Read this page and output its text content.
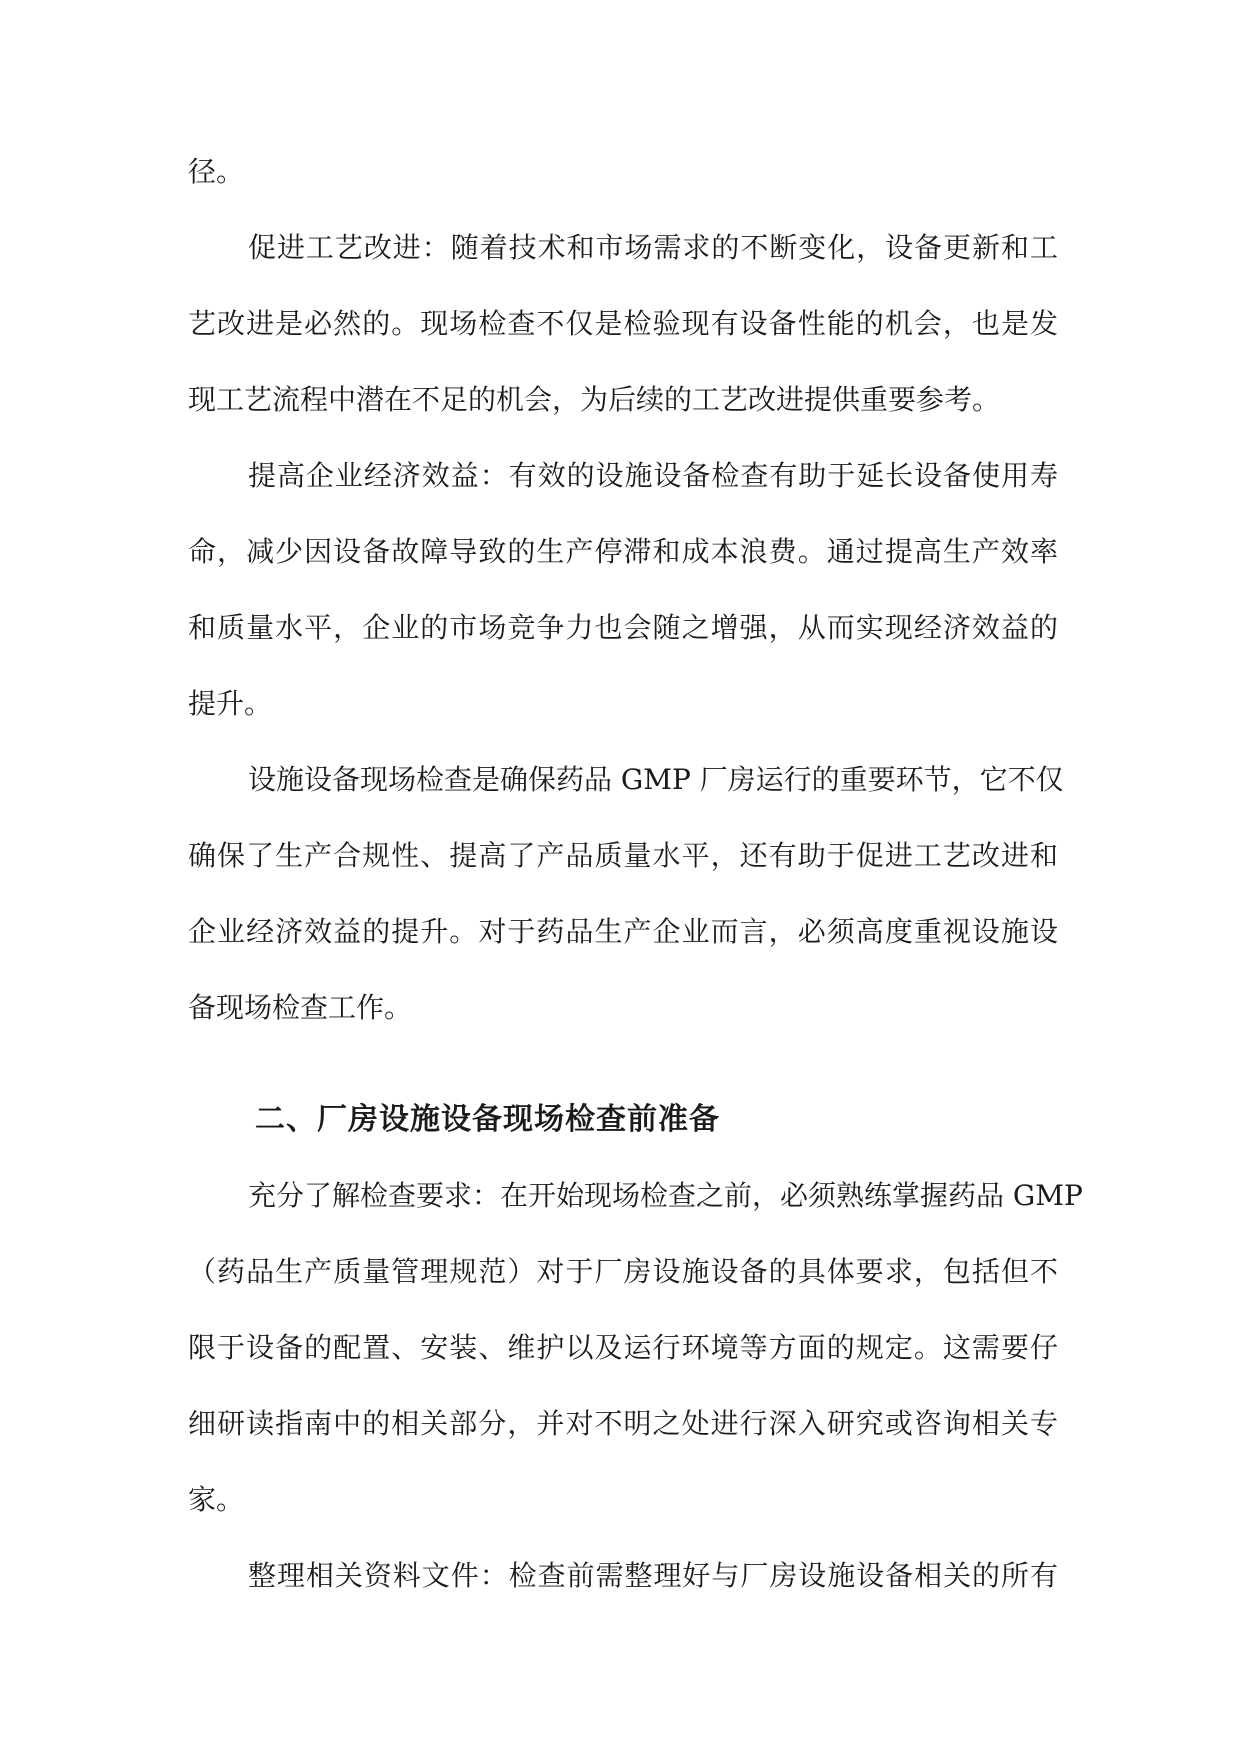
径。
促进工艺改进：随着技术和市场需求的不断变化，设备更新和工
艺改进是必然的。现场检查不仅是检验现有设备性能的机会，也是发
现工艺流程中潜在不足的机会，为后续的工艺改进提供重要参考。
提高企业经济效益：有效的设施设备检查有助于延长设备使用寿
命，减少因设备故障导致的生产停滞和成本浪费。通过提高生产效率
和质量水平，企业的市场竞争力也会随之增强，从而实现经济效益的
提升。
设施设备现场检查是确保药品 GMP 厂房运行的重要环节，它不仅
确保了生产合规性、提高了产品质量水平，还有助于促进工艺改进和
企业经济效益的提升。对于药品生产企业而言，必须高度重视设施设
备现场检查工作。
二、厂房设施设备现场检查前准备
充分了解检查要求：在开始现场检查之前，必须熟练掌握药品 GMP
（药品生产质量管理规范）对于厂房设施设备的具体要求，包括但不
限于设备的配置、安装、维护以及运行环境等方面的规定。这需要仔
细研读指南中的相关部分，并对不明之处进行深入研究或咨询相关专
家。
整理相关资料文件：检查前需整理好与厂房设施设备相关的所有
